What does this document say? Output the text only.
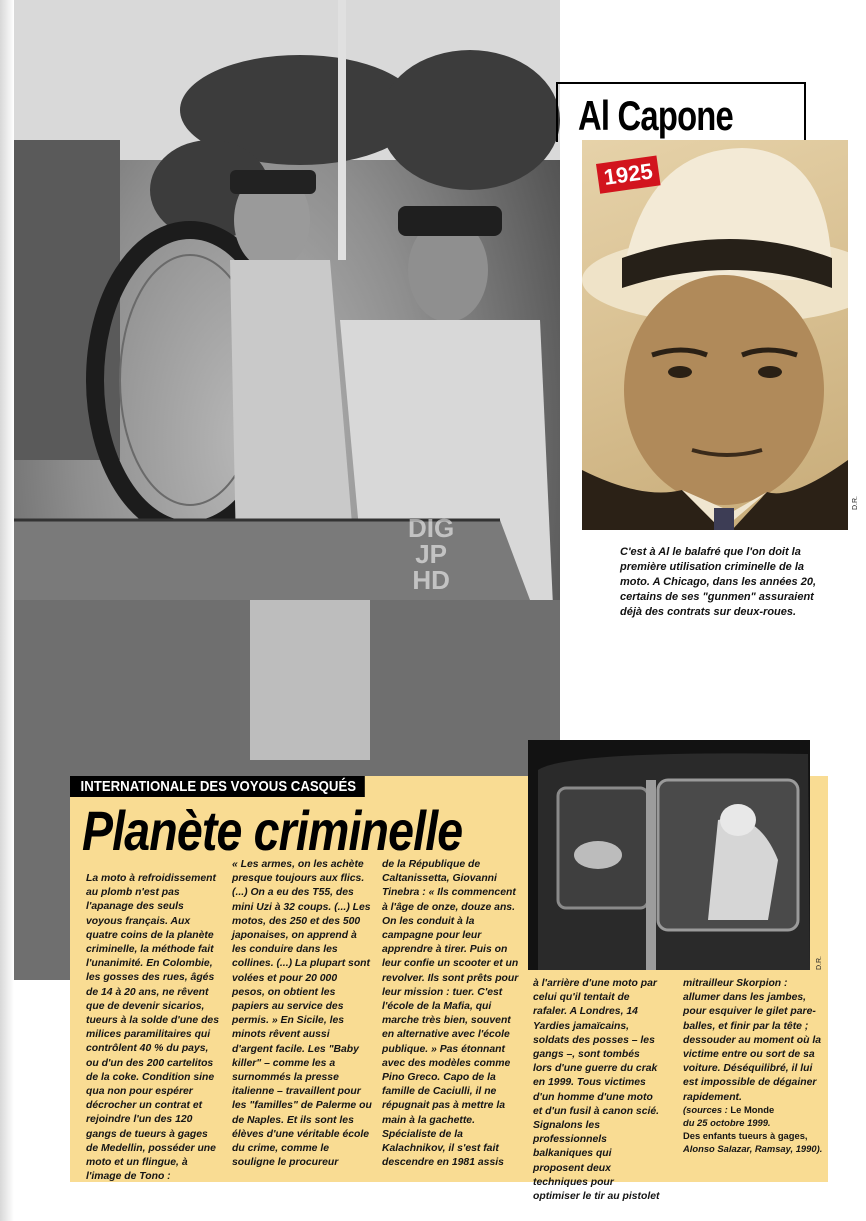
DIG
JP
HD
Al Capone
1925
D.R.
C'est à Al le balafré que l'on doit la première utilisation criminelle de la moto. A Chicago, dans les années 20, certains de ses "gunmen" assuraient déjà des contrats sur deux-roues.
D.R.
INTERNATIONALE DES VOYOUS CASQUÉS
Planète criminelle

La moto à refroidissement au plomb n'est pas l'apanage des seuls voyous français. Aux quatre coins de la planète criminelle, la méthode fait l'unanimité. En Colombie, les gosses des rues, âgés de 14 à 20 ans, ne rêvent que de devenir sicarios, tueurs à la solde d'une des milices paramilitaires qui contrôlent 40 % du pays, ou d'un des 200 cartelitos de la coke. Condition sine qua non pour espérer décrocher un contrat et rejoindre l'un des 120 gangs de tueurs à gages de Medellin, posséder une moto et un flingue, à l'image de Tono :

« Les armes, on les achète presque toujours aux flics. (...) On a eu des T55, des mini Uzi à 32 coups. (...) Les motos, des 250 et des 500 japonaises, on apprend à les conduire dans les collines. (...) La plupart sont volées et pour 20 000 pesos, on obtient les papiers au service des permis. » En Sicile, les minots rêvent aussi d'argent facile. Les "Baby killer" – comme les a surnommés la presse italienne – travaillent pour les "familles" de Palerme ou de Naples. Et ils sont les élèves d'une véritable école du crime, comme le souligne le procureur

de la République de Caltanissetta, Giovanni Tinebra : « Ils commencent à l'âge de onze, douze ans. On les conduit à la campagne pour leur apprendre à tirer. Puis on leur confie un scooter et un revolver. Ils sont prêts pour leur mission : tuer. C'est l'école de la Mafia, qui marche très bien, souvent en alternative avec l'école publique. » Pas étonnant avec des modèles comme Pino Greco. Capo de la famille de Caciulli, il ne répugnait pas à mettre la main à la gachette. Spécialiste de la Kalachnikov, il s'est fait descendre en 1981 assis

à l'arrière d'une moto par celui qu'il tentait de rafaler. A Londres, 14 Yardies jamaïcains, soldats des posses – les gangs –, sont tombés lors d'une guerre du crak en 1999. Tous victimes d'un homme d'une moto et d'un fusil à canon scié. Signalons les professionnels balkaniques qui proposent deux techniques pour optimiser le tir au pistolet

mitrailleur Skorpion : allumer dans les jambes, pour esquiver le gilet pare-balles, et finir par la tête ; dessouder au moment où la victime entre ou sort de sa voiture. Déséquilibré, il lui est impossible de dégainer rapidement.

(sources : Le Monde
du 25 octobre 1999.
Des enfants tueurs à gages,
Alonso Salazar, Ramsay, 1990).
